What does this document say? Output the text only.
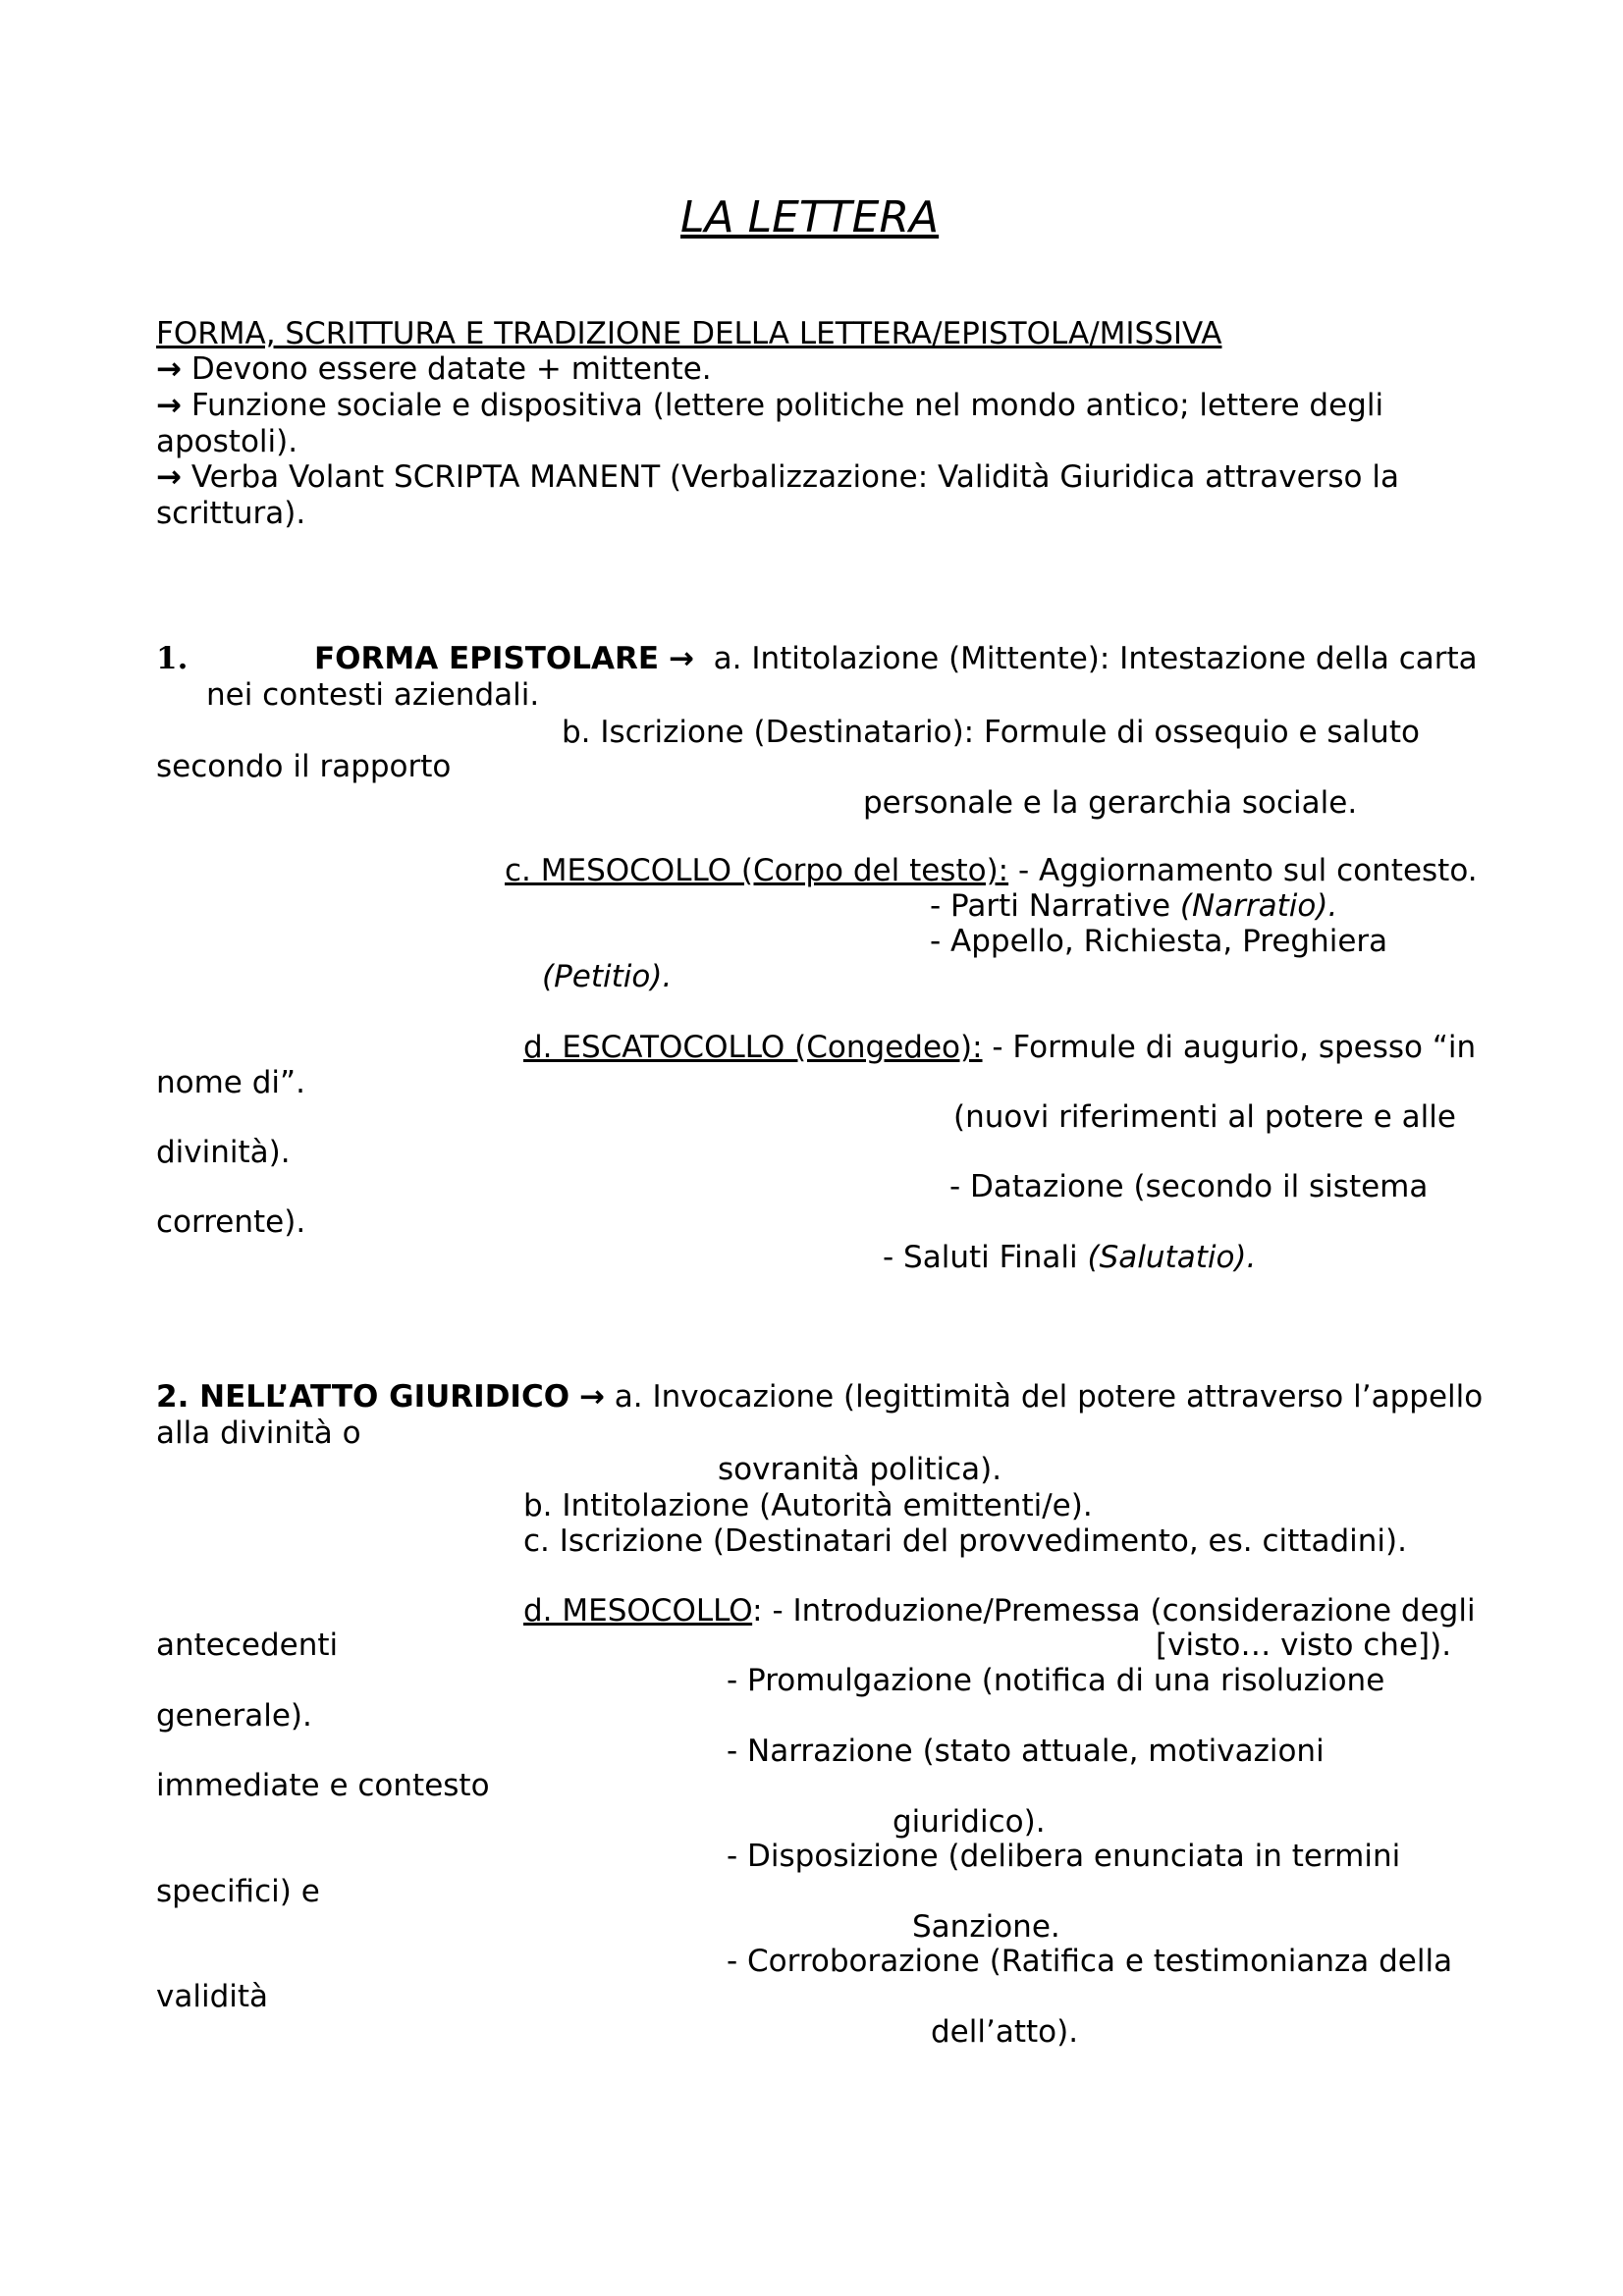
LA LETTERA
FORMA, SCRITTURA E TRADIZIONE DELLA LETTERA/EPISTOLA/MISSIVA
→ Devono essere datate + mittente.
→ Funzione sociale e dispositiva (lettere politiche nel mondo antico; lettere degli
apostoli).
→ Verba Volant SCRIPTA MANENT (Verbalizzazione: Validità Giuridica attraverso la
scrittura).
1.	FORMA EPISTOLARE → a. Intitolazione (Mittente): Intestazione della carta
nei contesti aziendali.
b. Iscrizione (Destinatario): Formule di ossequio e saluto
secondo il rapporto
personale e la gerarchia sociale.
c. MESOCOLLO (Corpo del testo): - Aggiornamento sul contesto.
- Parti Narrative (Narratio).
- Appello, Richiesta, Preghiera
(Petitio).
d. ESCATOCOLLO (Congedeo): - Formule di augurio, spesso “in
nome di”.
(nuovi riferimenti al potere e alle
divinità).
- Datazione (secondo il sistema
corrente).
- Saluti Finali (Salutatio).
2. NELL’ATTO GIURIDICO → a. Invocazione (legittimità del potere attraverso l’appello
alla divinità o
sovranità politica).
b. Intitolazione (Autorità emittenti/e).
c. Iscrizione (Destinatari del provvedimento, es. cittadini).
d. MESOCOLLO: - Introduzione/Premessa (considerazione degli
antecedenti	[visto… visto che]).
- Promulgazione (notifica di una risoluzione
generale).
- Narrazione (stato attuale, motivazioni
immediate e contesto
giuridico).
- Disposizione (delibera enunciata in termini
specifici) e
Sanzione.
- Corroborazione (Ratifica e testimonianza della
validità
dell’atto).
